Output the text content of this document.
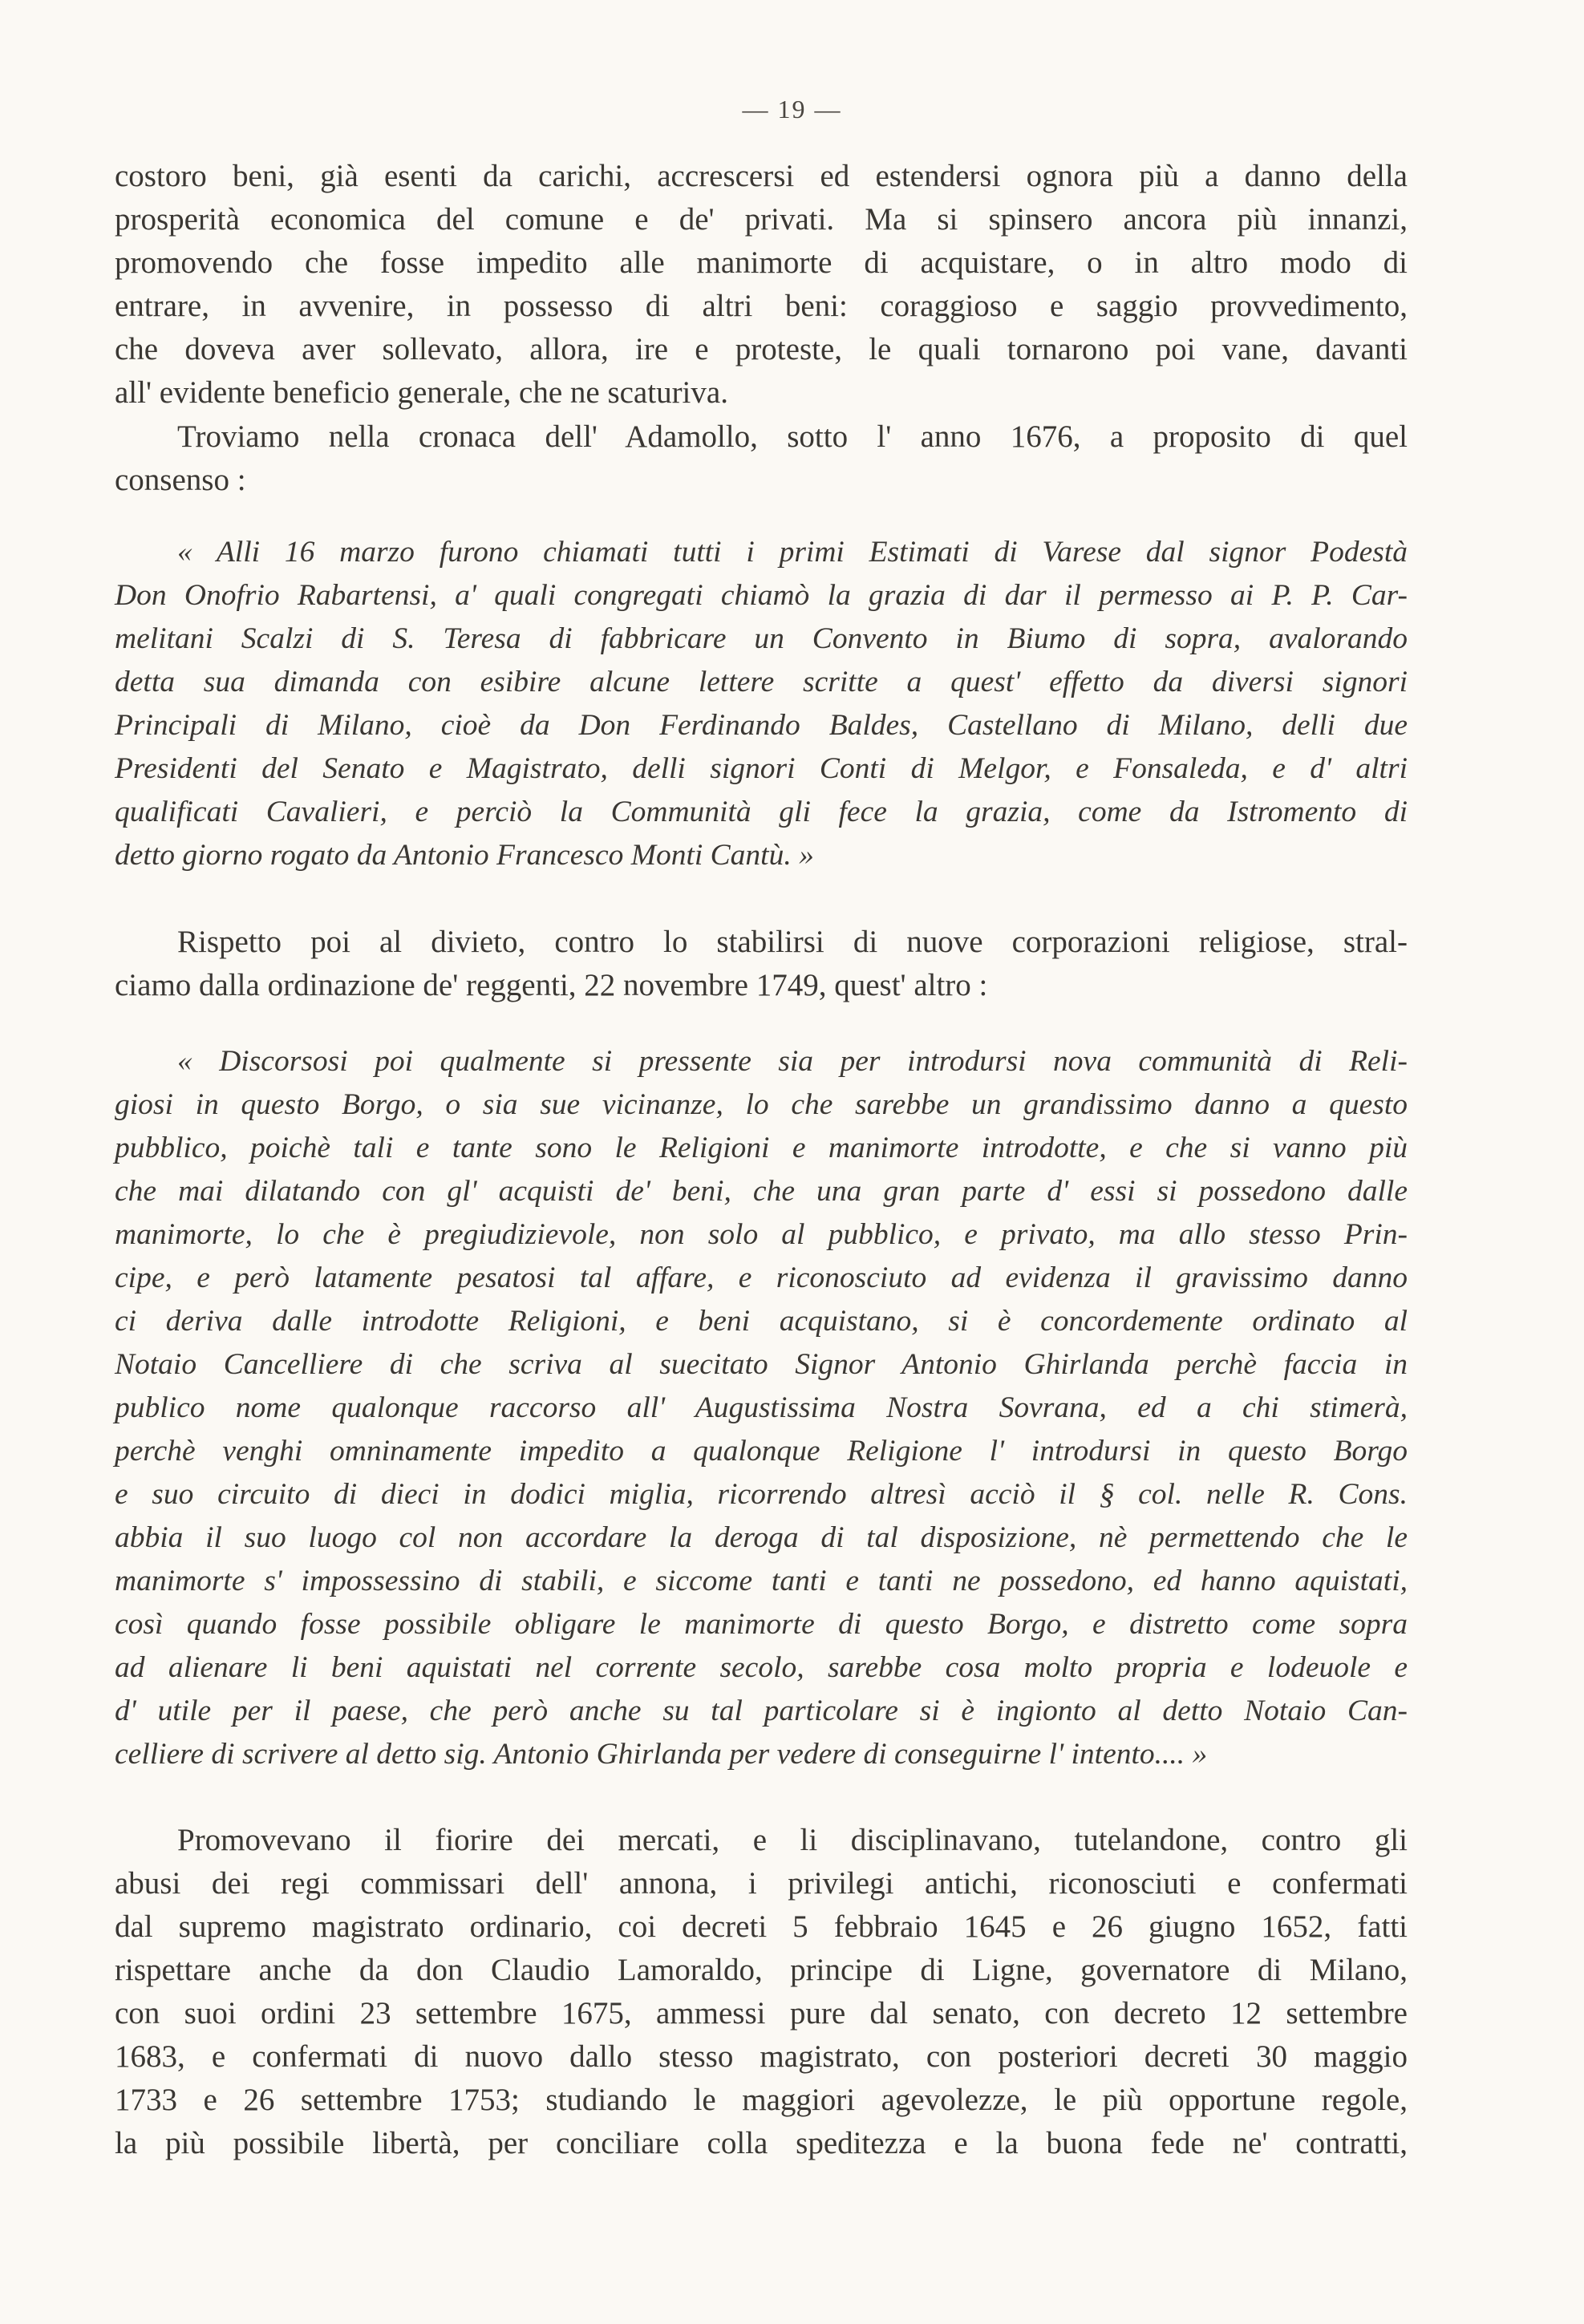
— 19 —
costoro beni, già esenti da carichi, accrescersi ed estendersi ognora più a danno della
prosperità economica del comune e de' privati. Ma si spinsero ancora più innanzi,
promovendo che fosse impedito alle manimorte di acquistare, o in altro modo di
entrare, in avvenire, in possesso di altri beni: coraggioso e saggio provvedimento,
che doveva aver sollevato, allora, ire e proteste, le quali tornarono poi vane, davanti
all' evidente beneficio generale, che ne scaturiva.
Troviamo nella cronaca dell' Adamollo, sotto l' anno 1676, a proposito di quel
consenso :
« Alli 16 marzo furono chiamati tutti i primi Estimati di Varese dal signor Podestà
Don Onofrio Rabartensi, a' quali congregati chiamò la grazia di dar il permesso ai P. P. Car-
melitani Scalzi di S. Teresa di fabbricare un Convento in Biumo di sopra, avalorando
detta sua dimanda con esibire alcune lettere scritte a quest' effetto da diversi signori
Principali di Milano, cioè da Don Ferdinando Baldes, Castellano di Milano, delli due
Presidenti del Senato e Magistrato, delli signori Conti di Melgor, e Fonsaleda, e d' altri
qualificati Cavalieri, e perciò la Communità gli fece la grazia, come da Istromento di
detto giorno rogato da Antonio Francesco Monti Cantù. »
Rispetto poi al divieto, contro lo stabilirsi di nuove corporazioni religiose, stral-
ciamo dalla ordinazione de' reggenti, 22 novembre 1749, quest' altro :
« Discorsosi poi qualmente si pressente sia per introdursi nova communità di Reli-
giosi in questo Borgo, o sia sue vicinanze, lo che sarebbe un grandissimo danno a questo
pubblico, poichè tali e tante sono le Religioni e manimorte introdotte, e che si vanno più
che mai dilatando con gl' acquisti de' beni, che una gran parte d' essi si possedono dalle
manimorte, lo che è pregiudizievole, non solo al pubblico, e privato, ma allo stesso Prin-
cipe, e però latamente pesatosi tal affare, e riconosciuto ad evidenza il gravissimo danno
ci deriva dalle introdotte Religioni, e beni acquistano, si è concordemente ordinato al
Notaio Cancelliere di che scriva al suecitato Signor Antonio Ghirlanda perchè faccia in
publico nome qualonque raccorso all' Augustissima Nostra Sovrana, ed a chi stimerà,
perchè venghi omninamente impedito a qualonque Religione l' introdursi in questo Borgo
e suo circuito di dieci in dodici miglia, ricorrendo altresì acciò il § col. nelle R. Cons.
abbia il suo luogo col non accordare la deroga di tal disposizione, nè permettendo che le
manimorte s' impossessino di stabili, e siccome tanti e tanti ne possedono, ed hanno aquistati,
così quando fosse possibile obligare le manimorte di questo Borgo, e distretto come sopra
ad alienare li beni aquistati nel corrente secolo, sarebbe cosa molto propria e lodeuole e
d' utile per il paese, che però anche su tal particolare si è ingionto al detto Notaio Can-
celliere di scrivere al detto sig. Antonio Ghirlanda per vedere di conseguirne l' intento.... »
Promovevano il fiorire dei mercati, e li disciplinavano, tutelandone, contro gli
abusi dei regi commissari dell' annona, i privilegi antichi, riconosciuti e confermati
dal supremo magistrato ordinario, coi decreti 5 febbraio 1645 e 26 giugno 1652, fatti
rispettare anche da don Claudio Lamoraldo, principe di Ligne, governatore di Milano,
con suoi ordini 23 settembre 1675, ammessi pure dal senato, con decreto 12 settembre
1683, e confermati di nuovo dallo stesso magistrato, con posteriori decreti 30 maggio
1733 e 26 settembre 1753; studiando le maggiori agevolezze, le più opportune regole,
la più possibile libertà, per conciliare colla speditezza e la buona fede ne' contratti,
